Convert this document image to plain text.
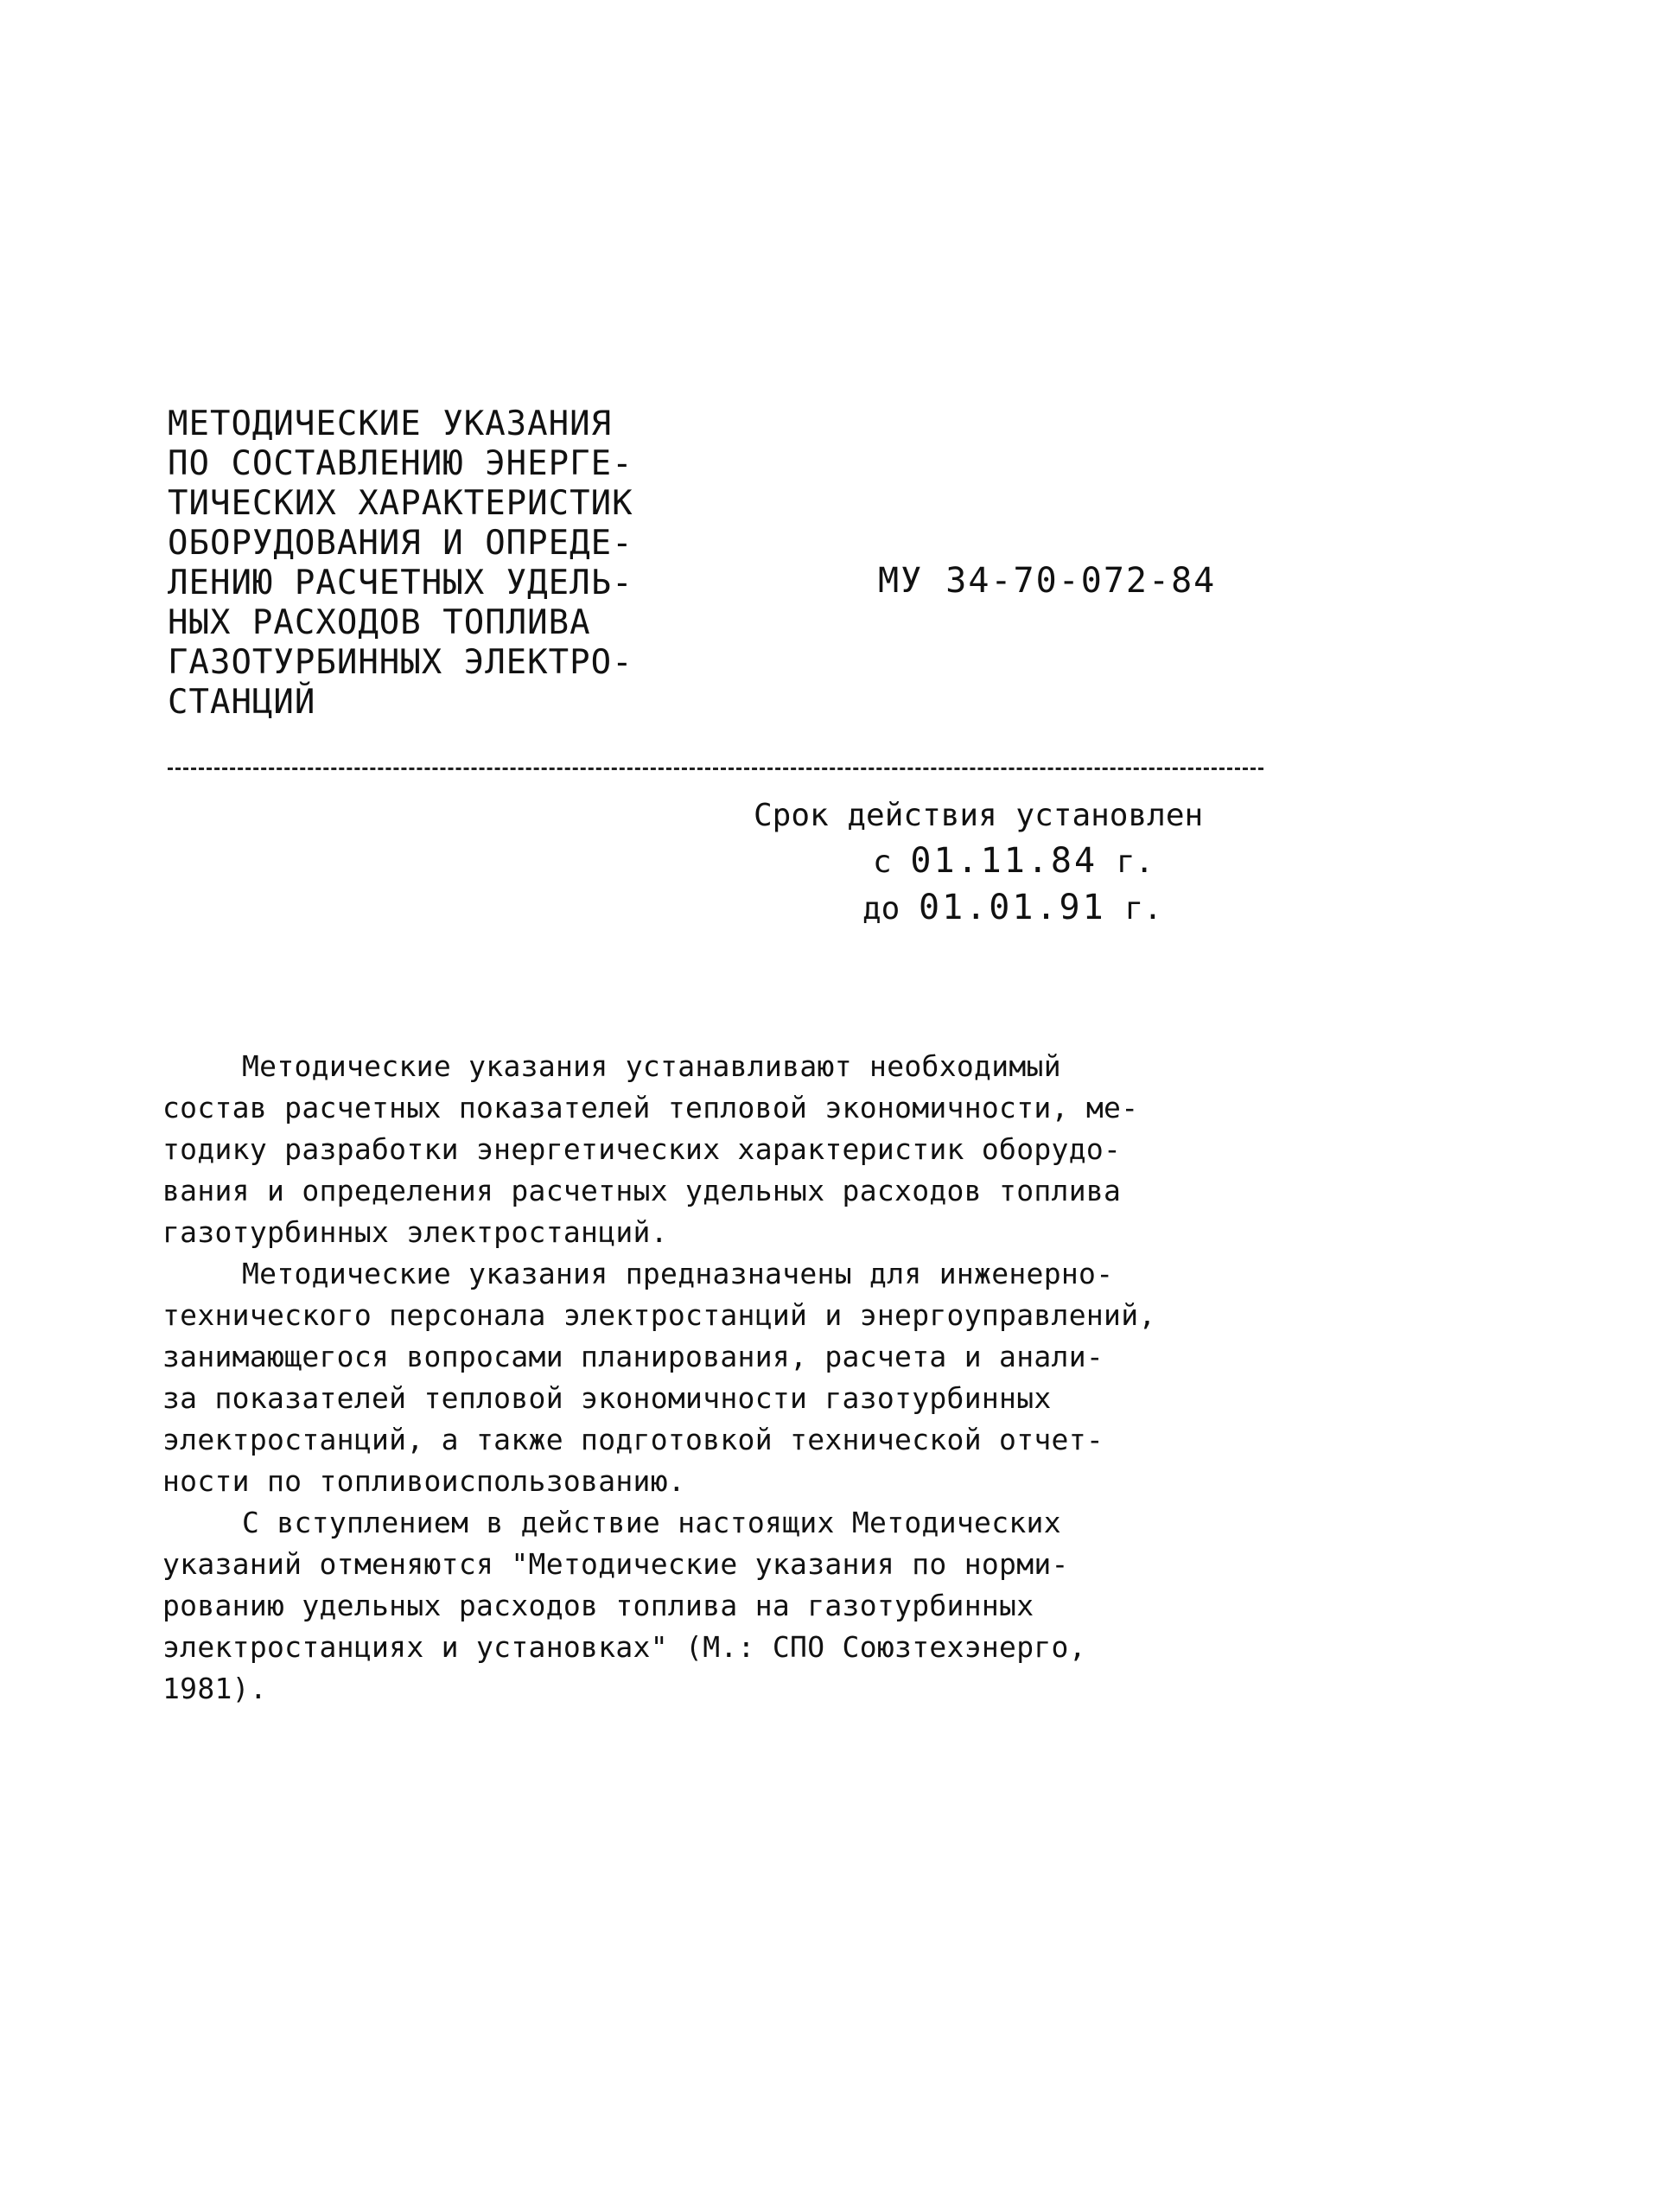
МЕТОДИЧЕСКИЕ УКАЗАНИЯ
ПО СОСТАВЛЕНИЮ ЭНЕРГЕ-
ТИЧЕСКИХ ХАРАКТЕРИСТИК
ОБОРУДОВАНИЯ И ОПРЕДЕ-
ЛЕНИЮ РАСЧЕТНЫХ УДЕЛЬ-
НЫХ РАСХОДОВ ТОПЛИВА
ГАЗОТУРБИННЫХ ЭЛЕКТРО-
СТАНЦИЙ
МУ 34-70-072-84
Срок действия установлен
с 01.11.84 г.
до 01.01.91 г.
Методические указания устанавливают необходимый
состав расчетных показателей тепловой экономичности, ме-
тодику разработки энергетических характеристик оборудо-
вания и определения расчетных удельных расходов топлива
газотурбинных электростанций.
Методические указания предназначены для инженерно-
технического персонала электростанций и энергоуправлений,
занимающегося вопросами планирования, расчета и анали-
за показателей тепловой экономичности газотурбинных
электростанций, а также подготовкой технической отчет-
ности по топливоиспользованию.
С вступлением в действие настоящих Методических
указаний отменяются "Методические указания по норми-
рованию удельных расходов топлива на газотурбинных
электростанциях и установках" (М.: СПО Союзтехэнерго,
1981).
